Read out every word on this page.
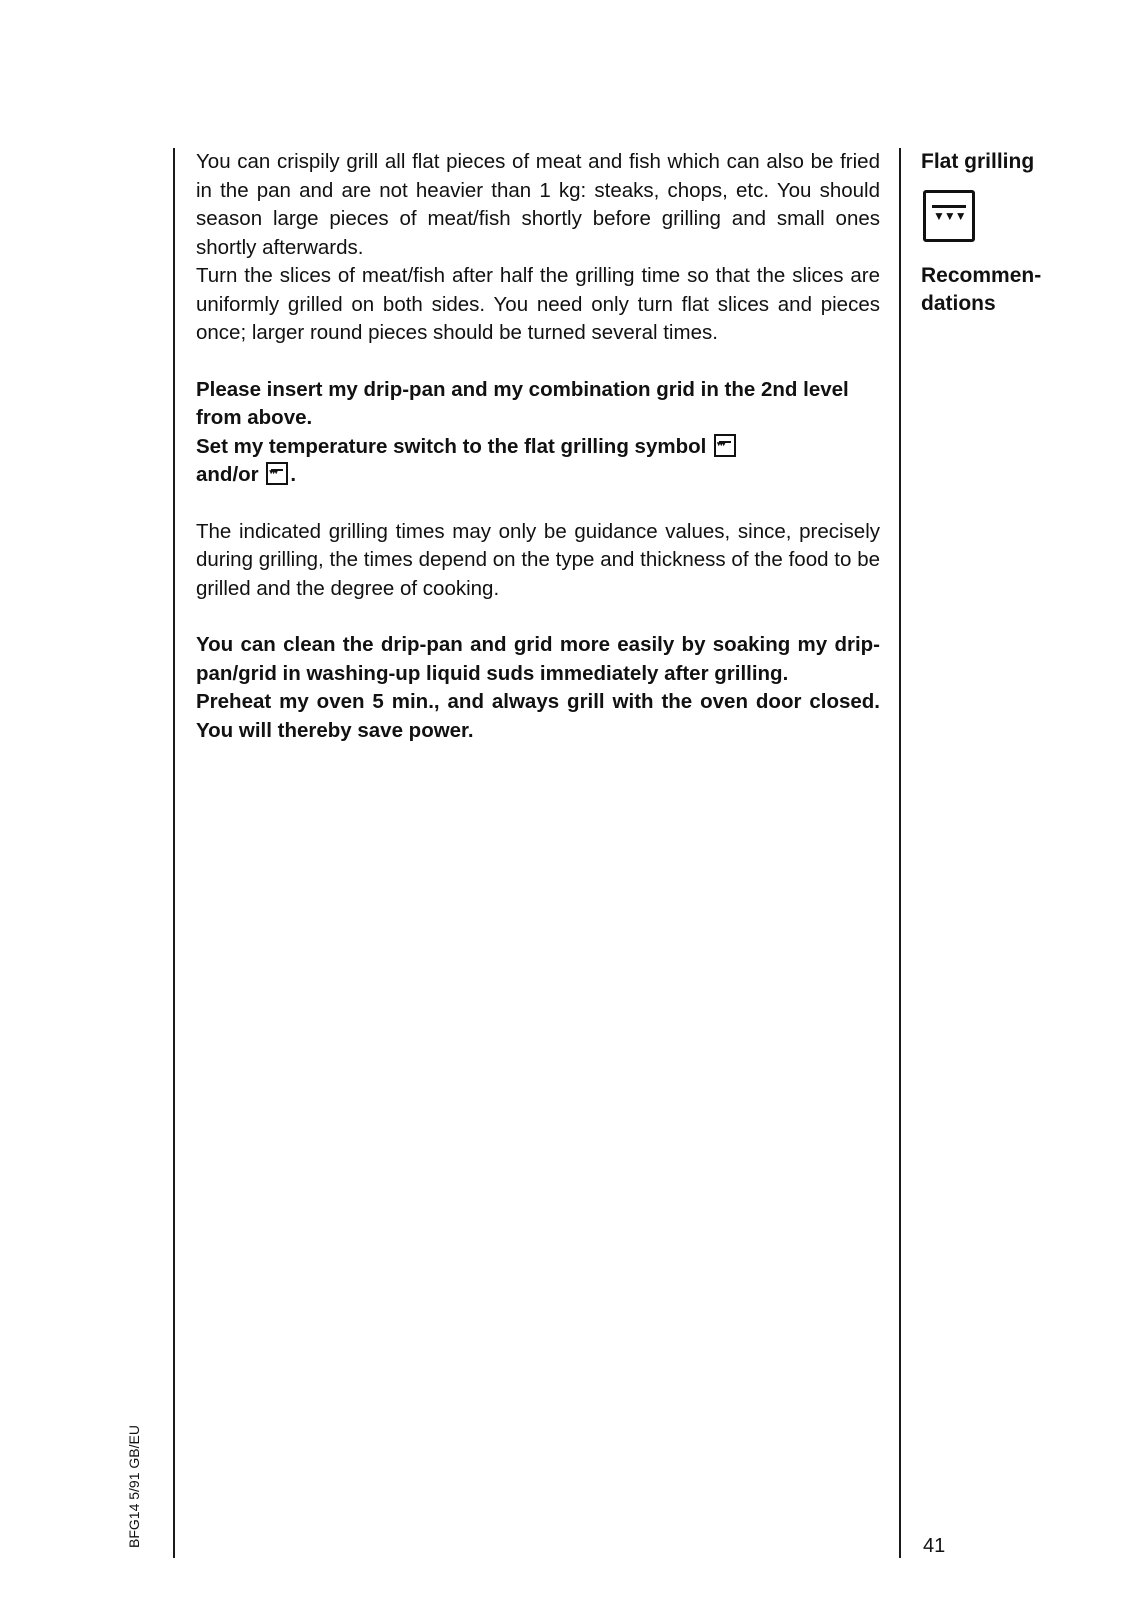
You can crispily grill all flat pieces of meat and fish which can also be fried in the pan and are not heavier than 1 kg: steaks, chops, etc. You should season large pieces of meat/fish shortly before grilling and small ones shortly afterwards.

Turn the slices of meat/fish after half the grilling time so that the slices are uniformly grilled on both sides. You need only turn flat slices and pieces once; larger round pieces should be turned several times.

Please insert my drip-pan and my combination grid in the 2nd level from above.

Set my temperature switch to the flat grilling symbol ▾▾▾
and/or ▾▾▾ .

The indicated grilling times may only be guidance values, since, precisely during grilling, the times depend on the type and thickness of the food to be grilled and the degree of cooking.

You can clean the drip-pan and grid more easily by soaking my drip-pan/grid in washing-up liquid suds immediately after grilling.

Preheat my oven 5 min., and always grill with the oven door closed. You will thereby save power.

Flat grilling

▼▼▼

Recommen-
dations

BFG14 5/91 GB/EU	41
